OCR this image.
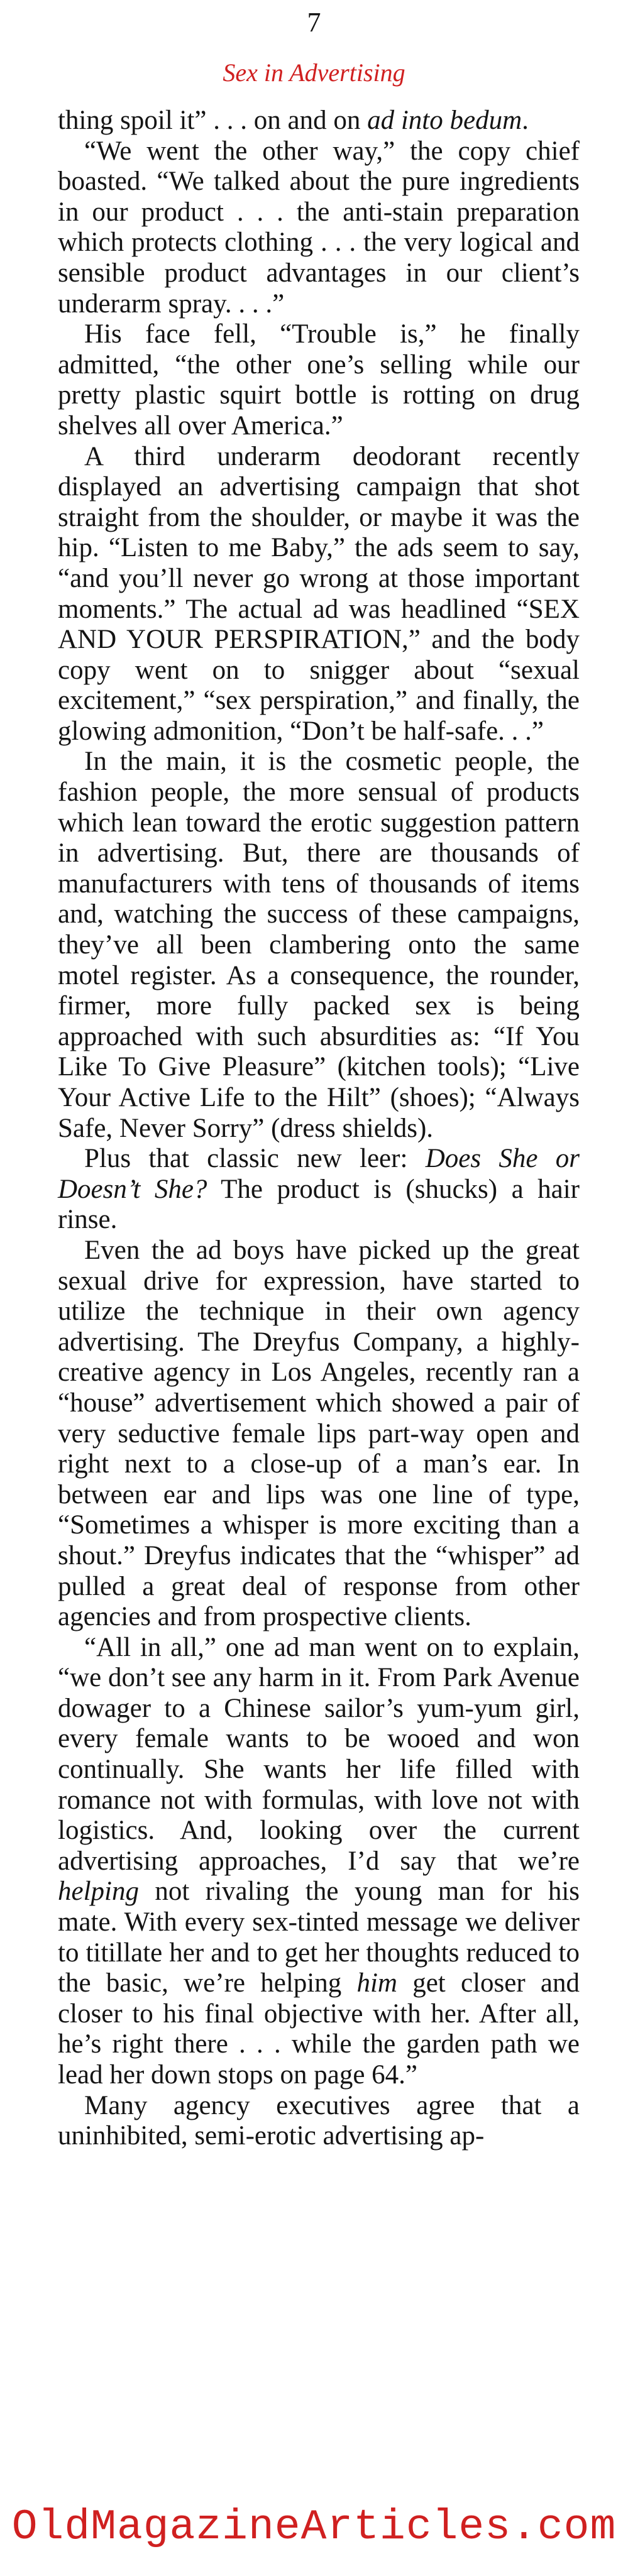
7
Sex in Advertising

thing spoil it” . . . on and on ad into bedum.

“We went the other way,” the copy chief boasted. “We talked about the pure ingredients in our product . . . the anti-stain preparation which protects clothing . . . the very logical and sensible product advantages in our client’s underarm spray. . . .”

His face fell, “Trouble is,” he finally admitted, “the other one’s selling while our pretty plastic squirt bottle is rotting on drug shelves all over America.”

A third underarm deodorant recently displayed an advertising campaign that shot straight from the shoulder, or maybe it was the hip. “Listen to me Baby,” the ads seem to say, “and you’ll never go wrong at those important moments.” The actual ad was headlined “SEX AND YOUR PERSPIRATION,” and the body copy went on to snigger about “sexual excitement,” “sex perspiration,” and finally, the glowing admonition, “Don’t be half-safe. . .”

In the main, it is the cosmetic people, the fashion people, the more sensual of products which lean toward the erotic suggestion pattern in advertising. But, there are thousands of manufacturers with tens of thousands of items and, watching the success of these campaigns, they’ve all been clambering onto the same motel register. As a consequence, the rounder, firmer, more fully packed sex is being approached with such absurdities as: “If You Like To Give Pleasure” (kitchen tools); “Live Your Active Life to the Hilt” (shoes); “Always Safe, Never Sorry” (dress shields).

Plus that classic new leer: Does She or Doesn’t She? The product is (shucks) a hair rinse.

Even the ad boys have picked up the great sexual drive for expression, have started to utilize the technique in their own agency advertising. The Dreyfus Company, a highly-creative agency in Los Angeles, recently ran a “house” advertisement which showed a pair of very seductive female lips part-way open and right next to a close-up of a man’s ear. In between ear and lips was one line of type, “Sometimes a whisper is more exciting than a shout.” Dreyfus indicates that the “whisper” ad pulled a great deal of response from other agencies and from prospective clients.

“All in all,” one ad man went on to explain, “we don’t see any harm in it. From Park Avenue dowager to a Chinese sailor’s yum-yum girl, every female wants to be wooed and won continually. She wants her life filled with romance not with formulas, with love not with logistics. And, looking over the current advertising approaches, I’d say that we’re helping not rivaling the young man for his mate. With every sex-tinted message we deliver to titillate her and to get her thoughts reduced to the basic, we’re helping him get closer and closer to his final objective with her. After all, he’s right there . . . while the garden path we lead her down stops on page 64.”

Many agency executives agree that a uninhibited, semi-erotic advertising ap-

OldMagazineArticles.com
